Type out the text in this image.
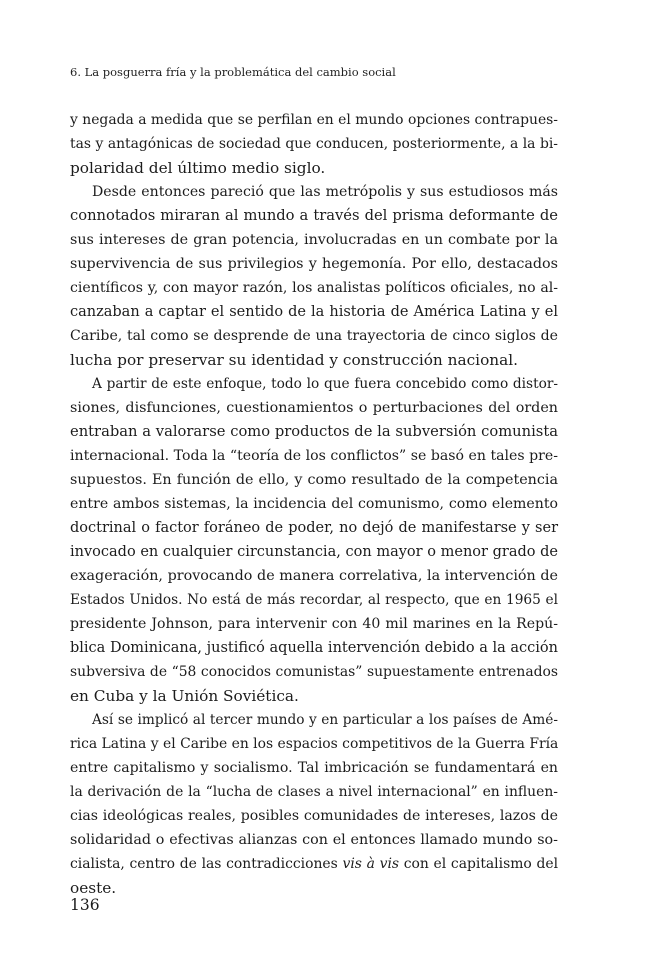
6. La posguerra fría y la problemática del cambio social
y negada a medida que se perfilan en el mundo opciones contrapues-
tas y antagónicas de sociedad que conducen, posteriormente, a la bi-
polaridad del último medio siglo.
Desde entonces pareció que las metrópolis y sus estudiosos más
connotados miraran al mundo a través del prisma deformante de
sus intereses de gran potencia, involucradas en un combate por la
supervivencia de sus privilegios y hegemonía. Por ello, destacados
científicos y, con mayor razón, los analistas políticos oficiales, no al-
canzaban a captar el sentido de la historia de América Latina y el
Caribe, tal como se desprende de una trayectoria de cinco siglos de
lucha por preservar su identidad y construcción nacional.
A partir de este enfoque, todo lo que fuera concebido como distor-
siones, disfunciones, cuestionamientos o perturbaciones del orden
entraban a valorarse como productos de la subversión comunista
internacional. Toda la “teoría de los conflictos” se basó en tales pre-
supuestos. En función de ello, y como resultado de la competencia
entre ambos sistemas, la incidencia del comunismo, como elemento
doctrinal o factor foráneo de poder, no dejó de manifestarse y ser
invocado en cualquier circunstancia, con mayor o menor grado de
exageración, provocando de manera correlativa, la intervención de
Estados Unidos. No está de más recordar, al respecto, que en 1965 el
presidente Johnson, para intervenir con 40 mil marines en la Repú-
blica Dominicana, justificó aquella intervención debido a la acción
subversiva de “58 conocidos comunistas” supuestamente entrenados
en Cuba y la Unión Soviética.
Así se implicó al tercer mundo y en particular a los países de Amé-
rica Latina y el Caribe en los espacios competitivos de la Guerra Fría
entre capitalismo y socialismo. Tal imbricación se fundamentará en
la derivación de la “lucha de clases a nivel internacional” en influen-
cias ideológicas reales, posibles comunidades de intereses, lazos de
solidaridad o efectivas alianzas con el entonces llamado mundo so-
cialista, centro de las contradicciones vis à vis con el capitalismo del
oeste.
136
